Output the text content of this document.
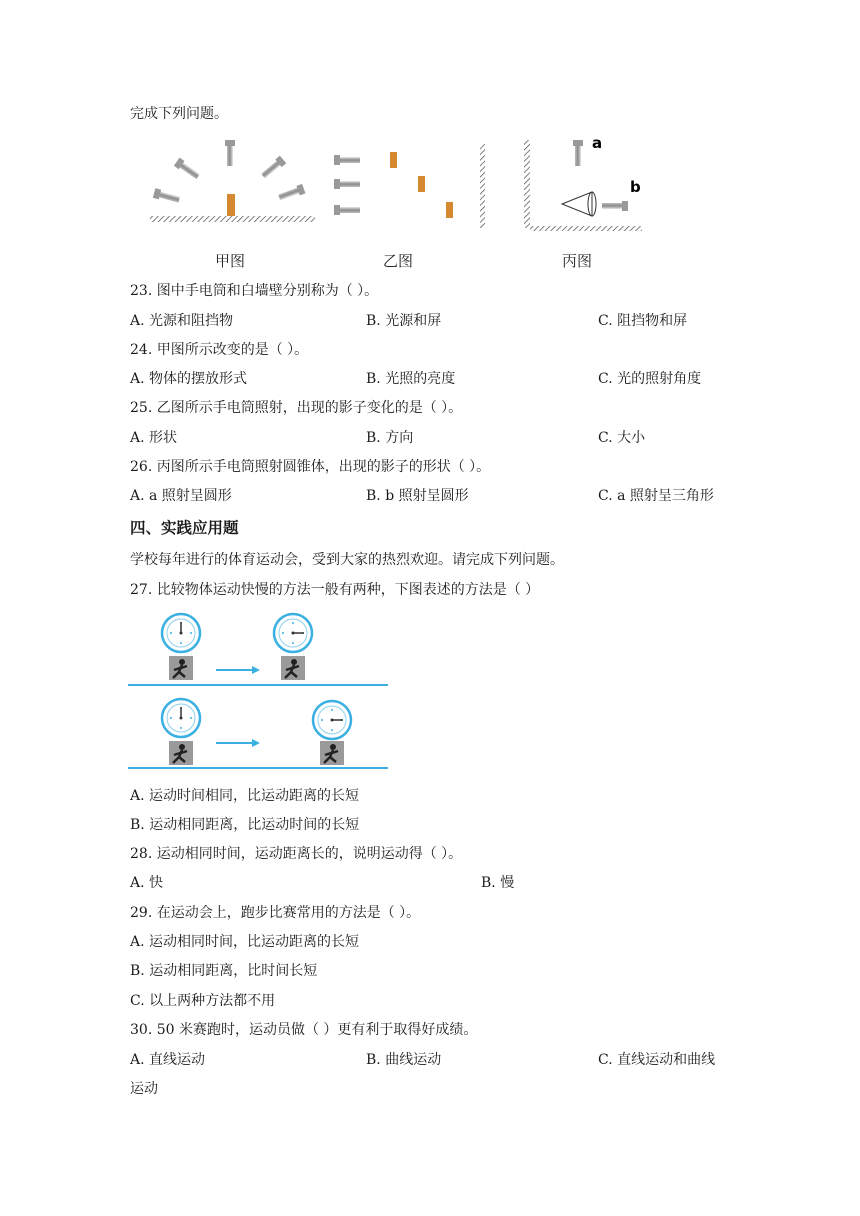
完成下列问题。
a
b
甲图	乙图	丙图
23. 图中手电筒和白墙壁分别称为（ ）。
A. 光源和阻挡物	B. 光源和屏	C. 阻挡物和屏
24. 甲图所示改变的是（ ）。
A. 物体的摆放形式	B. 光照的亮度	C. 光的照射角度
25. 乙图所示手电筒照射，出现的影子变化的是（ ）。
A. 形状	B. 方向	C. 大小
26. 丙图所示手电筒照射圆锥体，出现的影子的形状（ ）。
A. a 照射呈圆形	B. b 照射呈圆形	C. a 照射呈三角形
四、实践应用题
学校每年进行的体育运动会，受到大家的热烈欢迎。请完成下列问题。
27. 比较物体运动快慢的方法一般有两种，下图表述的方法是（ ）
A. 运动时间相同，比运动距离的长短
B. 运动相同距离，比运动时间的长短
28. 运动相同时间，运动距离长的，说明运动得（ ）。
A. 快	B. 慢
29. 在运动会上，跑步比赛常用的方法是（ ）。
A. 运动相同时间，比运动距离的长短
B. 运动相同距离，比时间长短
C. 以上两种方法都不用
30. 50 米赛跑时，运动员做（ ）更有利于取得好成绩。
A. 直线运动	B. 曲线运动	C. 直线运动和曲线
运动
